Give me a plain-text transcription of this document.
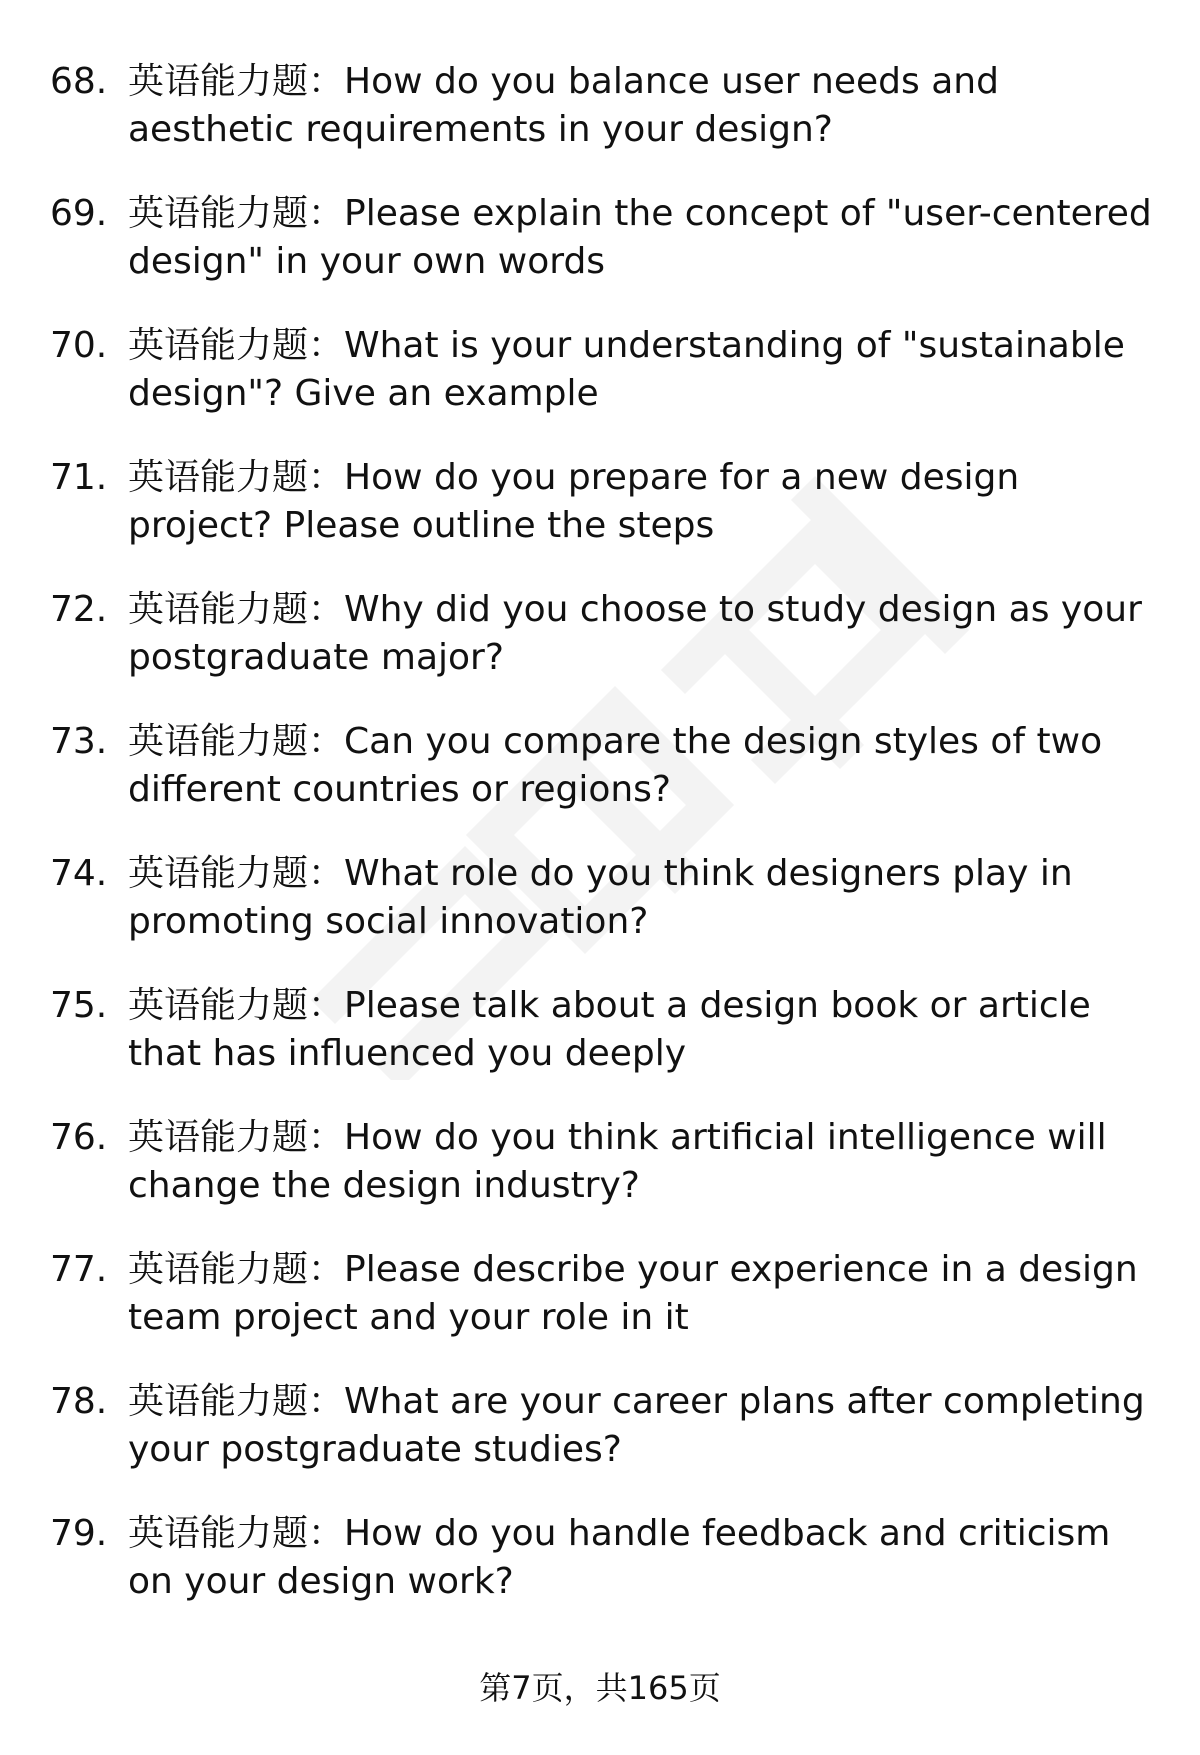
68. 英语能力题：How do you balance user needs and aesthetic requirements in your design?
69. 英语能力题：Please explain the concept of "user-centered design" in your own words
70. 英语能力题：What is your understanding of "sustainable design"? Give an example
71. 英语能力题：How do you prepare for a new design project? Please outline the steps
72. 英语能力题：Why did you choose to study design as your postgraduate major?
73. 英语能力题：Can you compare the design styles of two different countries or regions?
74. 英语能力题：What role do you think designers play in promoting social innovation?
75. 英语能力题：Please talk about a design book or article that has influenced you deeply
76. 英语能力题：How do you think artificial intelligence will change the design industry?
77. 英语能力题：Please describe your experience in a design team project and your role in it
78. 英语能力题：What are your career plans after completing your postgraduate studies?
79. 英语能力题：How do you handle feedback and criticism on your design work?
第7页，共165页
